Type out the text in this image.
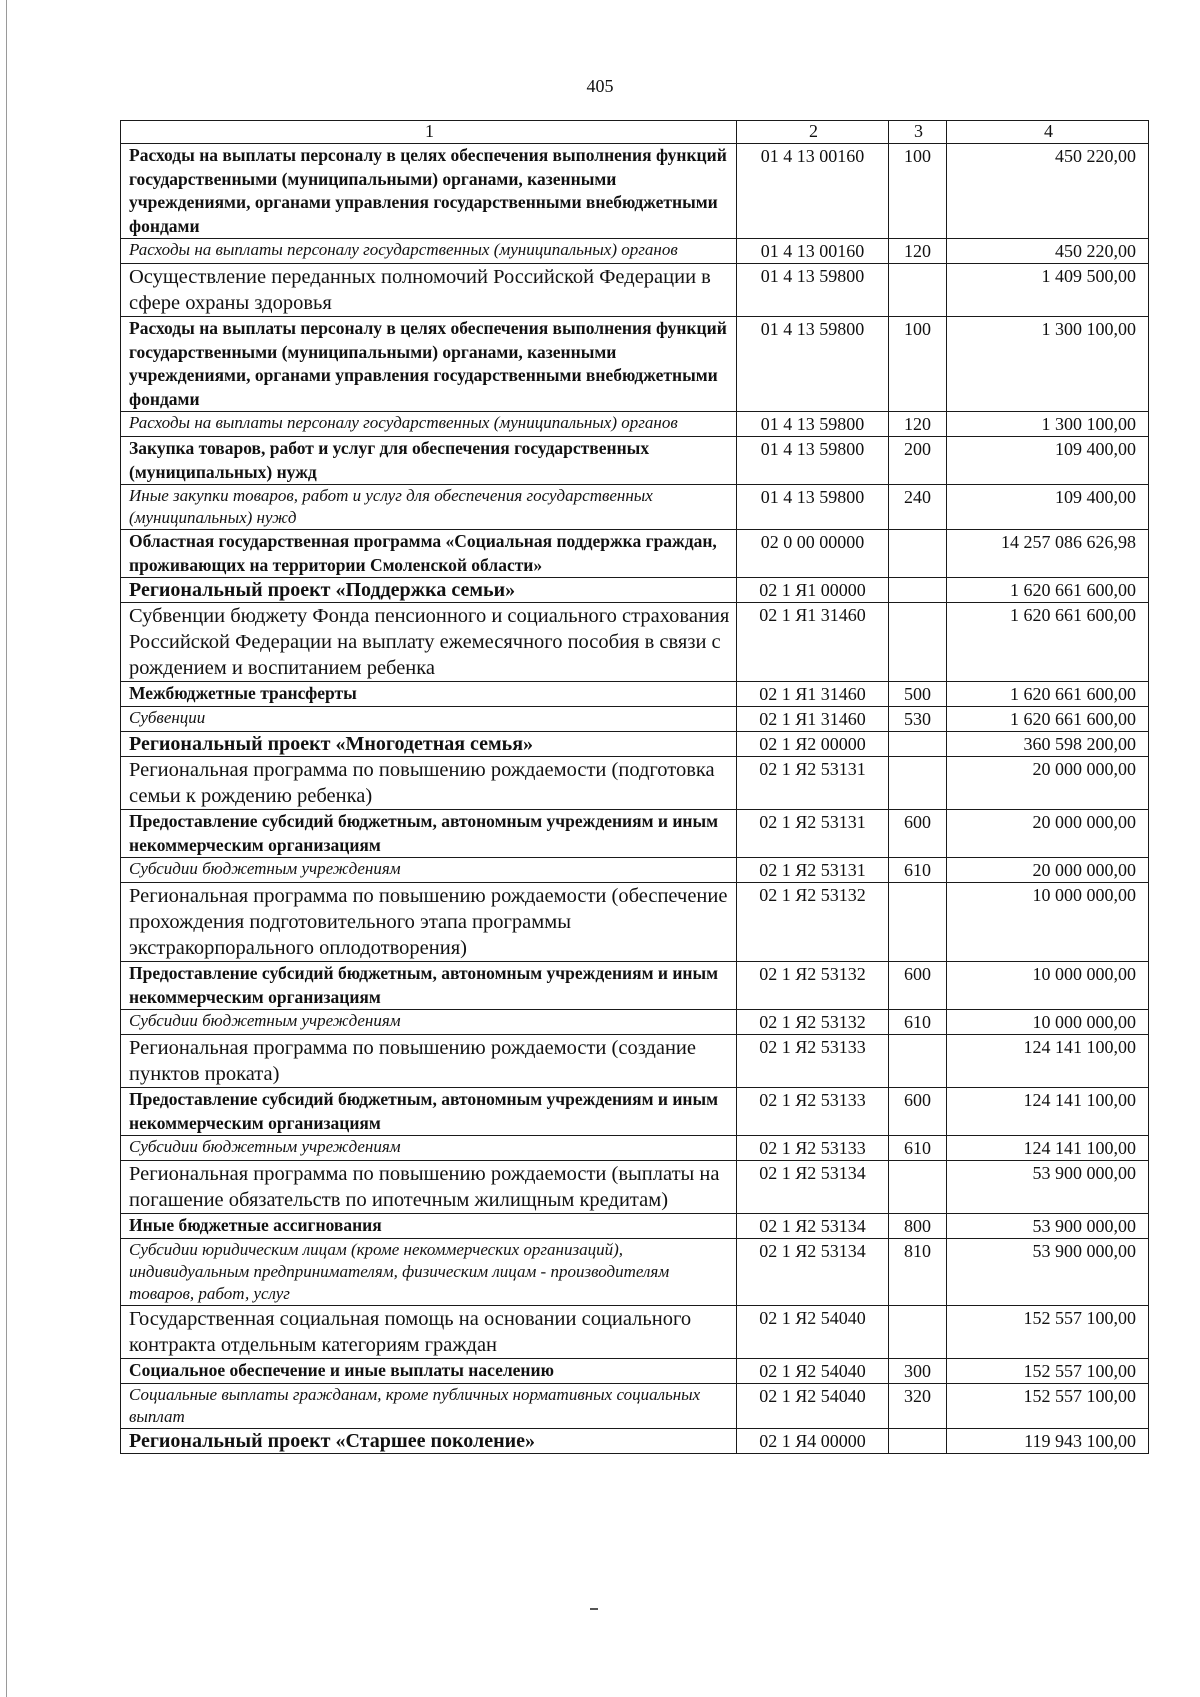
405
1	2	3	4
Расходы на выплаты персоналу в целях обеспечения выполнения функций государственными (муниципальными) органами, казенными учреждениями, органами управления государственными внебюджетными фондами	01 4 13 00160	100	450 220,00
Расходы на выплаты персоналу государственных (муниципальных) органов	01 4 13 00160	120	450 220,00
Осуществление переданных полномочий Российской Федерации в сфере охраны здоровья	01 4 13 59800		1 409 500,00
Расходы на выплаты персоналу в целях обеспечения выполнения функций государственными (муниципальными) органами, казенными учреждениями, органами управления государственными внебюджетными фондами	01 4 13 59800	100	1 300 100,00
Расходы на выплаты персоналу государственных (муниципальных) органов	01 4 13 59800	120	1 300 100,00
Закупка товаров, работ и услуг для обеспечения государственных (муниципальных) нужд	01 4 13 59800	200	109 400,00
Иные закупки товаров, работ и услуг для обеспечения государственных (муниципальных) нужд	01 4 13 59800	240	109 400,00
Областная государственная программа «Социальная поддержка граждан, проживающих на территории Смоленской области»	02 0 00 00000		14 257 086 626,98
Региональный проект «Поддержка семьи»	02 1 Я1 00000		1 620 661 600,00
Субвенции бюджету Фонда пенсионного и социального страхования Российской Федерации на выплату ежемесячного пособия в связи с рождением и воспитанием ребенка	02 1 Я1 31460		1 620 661 600,00
Межбюджетные трансферты	02 1 Я1 31460	500	1 620 661 600,00
Субвенции	02 1 Я1 31460	530	1 620 661 600,00
Региональный проект «Многодетная семья»	02 1 Я2 00000		360 598 200,00
Региональная программа по повышению рождаемости (подготовка семьи к рождению ребенка)	02 1 Я2 53131		20 000 000,00
Предоставление субсидий бюджетным, автономным учреждениям и иным некоммерческим организациям	02 1 Я2 53131	600	20 000 000,00
Субсидии бюджетным учреждениям	02 1 Я2 53131	610	20 000 000,00
Региональная программа по повышению рождаемости (обеспечение прохождения подготовительного этапа программы экстракорпорального оплодотворения)	02 1 Я2 53132		10 000 000,00
Предоставление субсидий бюджетным, автономным учреждениям и иным некоммерческим организациям	02 1 Я2 53132	600	10 000 000,00
Субсидии бюджетным учреждениям	02 1 Я2 53132	610	10 000 000,00
Региональная программа по повышению рождаемости (создание пунктов проката)	02 1 Я2 53133		124 141 100,00
Предоставление субсидий бюджетным, автономным учреждениям и иным некоммерческим организациям	02 1 Я2 53133	600	124 141 100,00
Субсидии бюджетным учреждениям	02 1 Я2 53133	610	124 141 100,00
Региональная программа по повышению рождаемости (выплаты на погашение обязательств по ипотечным жилищным кредитам)	02 1 Я2 53134		53 900 000,00
Иные бюджетные ассигнования	02 1 Я2 53134	800	53 900 000,00
Субсидии юридическим лицам (кроме некоммерческих организаций), индивидуальным предпринимателям, физическим лицам - производителям товаров, работ, услуг	02 1 Я2 53134	810	53 900 000,00
Государственная социальная помощь на основании социального контракта отдельным категориям граждан	02 1 Я2 54040		152 557 100,00
Социальное обеспечение и иные выплаты населению	02 1 Я2 54040	300	152 557 100,00
Социальные выплаты гражданам, кроме публичных нормативных социальных выплат	02 1 Я2 54040	320	152 557 100,00
Региональный проект «Старшее поколение»	02 1 Я4 00000		119 943 100,00
